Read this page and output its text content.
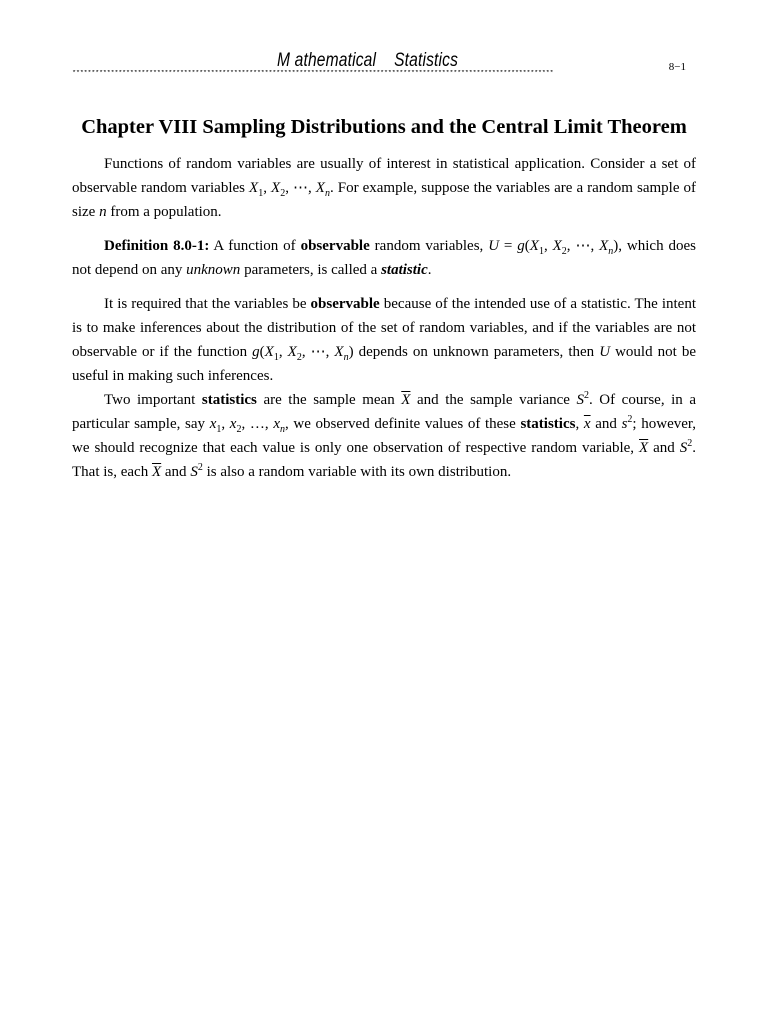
M athematical    Statistics	8−1
*****************************************************************************************************************************
Chapter VIII Sampling Distributions and the Central Limit Theorem

Functions of random variables are usually of interest in statistical application. Consider a set of observable random variables $X_1$, $X_2$, ⋯, $X_n$. For example, suppose the variables are a random sample of size n from a population.

Definition 8.0-1: A function of observable random variables, $U = g(X_1$, $X_2$, ⋯, $X_n$), which does not depend on any unknown parameters, is called a statistic.

It is required that the variables be observable because of the intended use of a statistic. The intent is to make inferences about the distribution of the set of random variables, and if the variables are not observable or if the function $g(X_1$, $X_2$, ⋯, $X_n$) depends on unknown parameters, then U would not be useful in making such inferences.

Two important statistics are the sample mean $\overline{X}$ and the sample variance $S^2$. Of course, in a particular sample, say $x_1$, $x_2$, …, $x_n$, we observed definite values of these statistics, $\overline{x}$ and $s^2$; however, we should recognize that each value is only one observation of respective random variable, $\overline{X}$ and $S^2$. That is, each $\overline{X}$ and $S^2$ is also a random variable with its own distribution.
